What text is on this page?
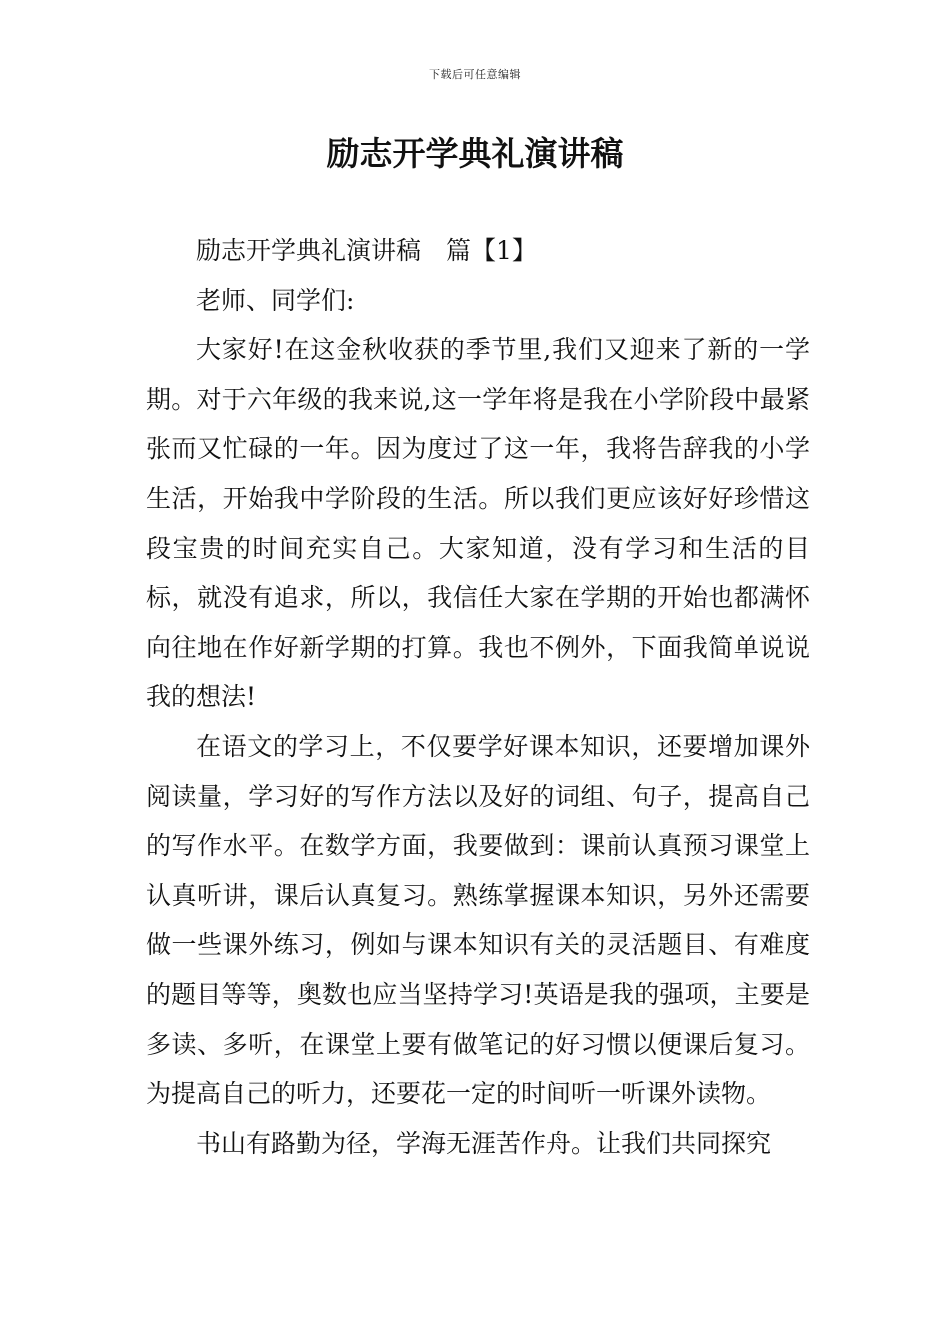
下载后可任意编辑
励志开学典礼演讲稿

励志开学典礼演讲稿　篇【1】

老师、同学们:

大家好!在这金秋收获的季节里,我们又迎来了新的一学期。对于六年级的我来说,这一学年将是我在小学阶段中最紧张而又忙碌的一年。因为度过了这一年，我将告辞我的小学生活，开始我中学阶段的生活。所以我们更应该好好珍惜这段宝贵的时间充实自己。大家知道，没有学习和生活的目标，就没有追求，所以，我信任大家在学期的开始也都满怀向往地在作好新学期的打算。我也不例外，下面我简单说说我的想法!

在语文的学习上，不仅要学好课本知识，还要增加课外阅读量，学习好的写作方法以及好的词组、句子，提高自己的写作水平。在数学方面，我要做到：课前认真预习课堂上认真听讲，课后认真复习。熟练掌握课本知识，另外还需要做一些课外练习，例如与课本知识有关的灵活题目、有难度的题目等等，奥数也应当坚持学习!英语是我的强项，主要是多读、多听，在课堂上要有做笔记的好习惯以便课后复习。为提高自己的听力，还要花一定的时间听一听课外读物。

书山有路勤为径，学海无涯苦作舟。让我们共同探究
